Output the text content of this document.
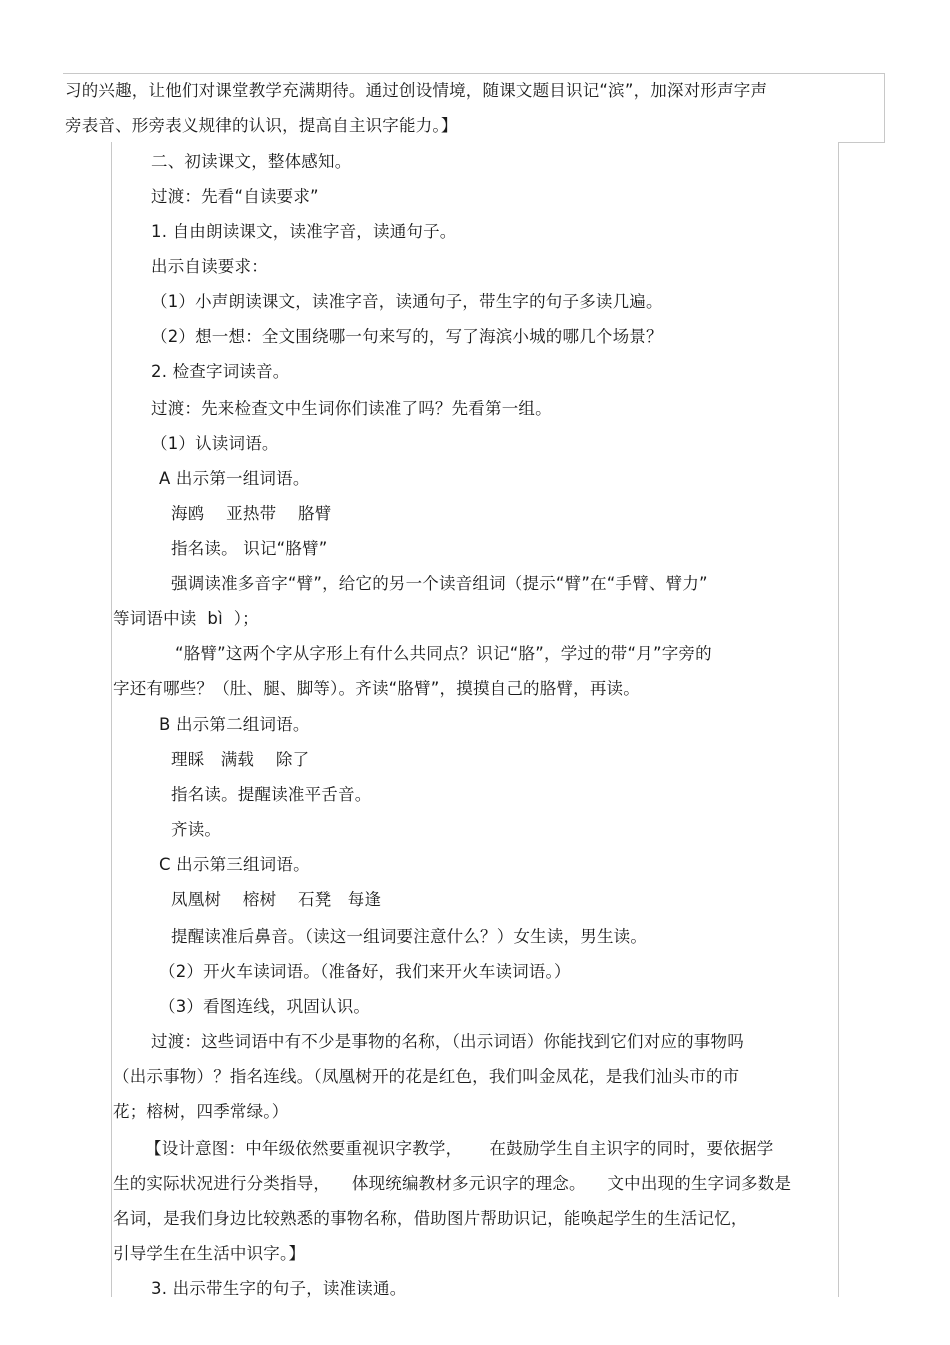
习的兴趣，让他们对课堂教学充满期待。通过创设情境，随课文题目识记“滨”，加深对形声字声
旁表音、形旁表义规律的认识，提高自主识字能力。】
二、初读课文，整体感知。
过渡：先看“自读要求”
1. 自由朗读课文，读准字音，读通句子。
出示自读要求：
（1）小声朗读课文，读准字音，读通句子，带生字的句子多读几遍。
（2）想一想：全文围绕哪一句来写的，写了海滨小城的哪几个场景？
2. 检查字词读音。
过渡：先来检查文中生词你们读准了吗？先看第一组。
（1）认读词语。
A 出示第一组词语。
海鸥    亚热带    胳臂
指名读。 识记“胳臂”
强调读准多音字“臂”，给它的另一个读音组词（提示“臂”在“手臂、臂力”
等词语中读  bì  ）；
“胳臂”这两个字从字形上有什么共同点？识记“胳”，学过的带“月”字旁的
字还有哪些？（肚、腿、脚等）。齐读“胳臂”，摸摸自己的胳臂，再读。
B 出示第二组词语。
理睬   满载    除了
指名读。提醒读准平舌音。
齐读。
C 出示第三组词语。
凤凰树    榕树    石凳   每逢
提醒读准后鼻音。（读这一组词要注意什么？）女生读，男生读。
（2）开火车读词语。（准备好，我们来开火车读词语。）
（3）看图连线，巩固认识。
过渡：这些词语中有不少是事物的名称，（出示词语）你能找到它们对应的事物吗
（出示事物）？指名连线。（凤凰树开的花是红色，我们叫金凤花，是我们汕头市的市
花；榕树，四季常绿。）
【设计意图：中年级依然要重视识字教学，     在鼓励学生自主识字的同时，要依据学
生的实际状况进行分类指导，    体现统编教材多元识字的理念。    文中出现的生字词多数是
名词，是我们身边比较熟悉的事物名称，借助图片帮助识记，能唤起学生的生活记忆，
引导学生在生活中识字。】
3. 出示带生字的句子，读准读通。
